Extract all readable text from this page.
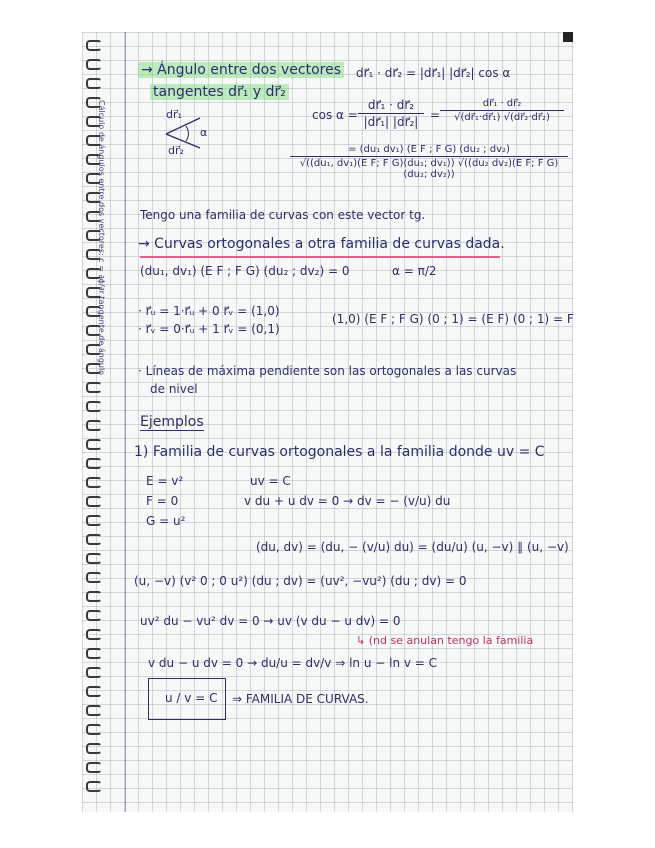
Cálculo de ángulos entre dos vectores: c = ∂ϕ/∂r tangente de ángulo
→ Ángulo entre dos vectores
tangentes dr⃗₁ y dr⃗₂
dr⃗₁ · dr⃗₂ = |dr⃗₁| |dr⃗₂| cos α
dr⃗₁
dr⃗₂
α
cos α =
dr⃗₁ · dr⃗₂
|dr⃗₁| |dr⃗₂| =
dr⃗₁ · dr⃗₂
√(dr⃗₁·dr⃗₁) √(dr⃗₂·dr⃗₂)
= (du₁ dv₁) (E F ; F G) (du₂ ; dv₂)
√((du₁, dv₁)(E F; F G)(du₁; dv₁)) √((du₂ dv₂)(E F; F G)(du₂; dv₂))
Tengo una familia de curvas con este vector tg.
→ Curvas ortogonales a otra familia de curvas dada.
(du₁, dv₁) (E F ; F G) (du₂ ; dv₂) = 0	α = π/2
· r⃗ᵤ = 1·r⃗ᵤ + 0 r⃗ᵥ = (1,0)
· r⃗ᵥ = 0·r⃗ᵤ + 1 r⃗ᵥ = (0,1)
(1,0) (E F ; F G) (0 ; 1) = (E F) (0 ; 1) = F
· Líneas de máxima pendiente son las ortogonales a las curvas
de nivel
Ejemplos
1) Familia de curvas ortogonales a la familia donde uv = C
E = v²
F = 0
G = u²
uv = C
v du + u dv = 0 → dv = − (v/u) du
(du, dv) = (du, − (v/u) du) = (du/u) (u, −v) ∥ (u, −v)
(u, −v) (v² 0 ; 0 u²) (du ; dv) = (uv², −vu²) (du ; dv) = 0
uv² du − vu² dv = 0 → uv (v du − u dv) = 0
↳ (nd se anulan tengo la familia
v du − u dv = 0 → du/u = dv/v ⇒ ln u − ln v = C
u / v = C ⇒ FAMILIA DE CURVAS.
